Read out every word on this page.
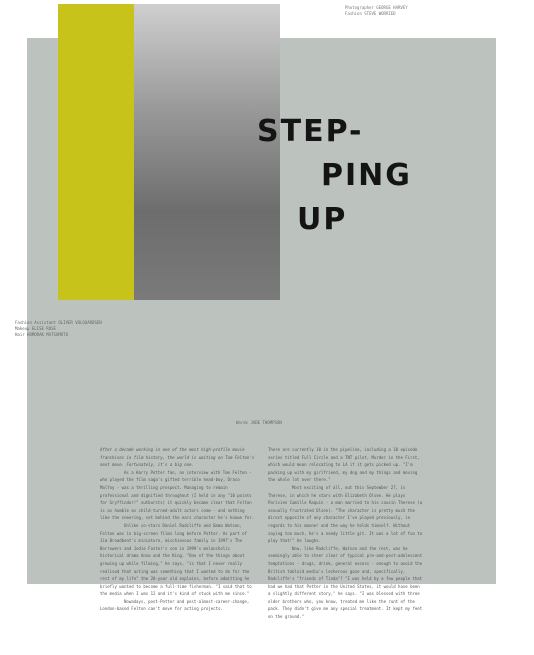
Photographer GEORGE HARVEY
Fashion STEVE WORRIED
STEP-
PING
UP
Fashion Assistant OLIVER VOLQUARDSEN
Makeup ELISE ROSE
Hair HOMORAK MATSUMOTO
Words JADE THOMPSON

After a decade working in one of the most high-profile movie franchises in film history, the world is waiting on Tom Felton's next move. Fortunately, it's a big one.

As a Harry Potter fan, an interview with Tom Felton - who played the film saga's gifted terrible head-boy, Draco Malfoy - was a thrilling prospect. Managing to remain professional and dignified throughout (I held in any "10 points for Gryffindor!" outbursts) it quickly became clear that Felton is as humble as child-turned-adult actors come - and nothing like the sneering, set behind the ears character he's known for.

Unlike co-stars Daniel Radcliffe and Emma Watson, Felton was in big-screen films long before Potter. As part of Jim Broadbent's miniature, mischievous family in 1997's The Borrowers and Jodie Foster's son in 1999's melancholic historical drama Anna and the King. "One of the things about growing up while filming," he says, "is that I never really realised that acting was something that I wanted to do for the rest of my life" the 28-year old explains, before admitting he briefly wanted to become a full-time fisherman. "I said that to the media when I was 12 and it's kind of stuck with me since."

Nowadays, post-Potter and post-almost-career-change, London-based Felton can't move for acting projects.

There are currently 10 in the pipeline, including a 10 episode series titled Full Circle and a TNT pilot, Murder in the First, which would mean relocating to LA if it gets picked up. "I'm packing up with my girlfriend, my dog and my things and moving the whole lot over there."

Most exciting of all, out this September 27, is Therese, in which he stars with Elizabeth Olsen. He plays Parisien Camille Raquin - a man married to his cousin Therese (a sexually frustrated Olsen). "The character is pretty much the direct opposite of any character I've played previously, in regards to his manner and the way he holds himself. Without saying too much, he's a needy little git. It was a lot of fun to play that!" he laughs.

Now, like Radcliffe, Watson and the rest, was he seemingly able to steer clear of typical pre-and-post-adolescent temptations - drugs, drink, general excess - enough to avoid the British tabloid media's lecherous gaze and, specifically, Radcliffe's "friends of Tinda"? "I was held by a few people that had we had that Potter in the United States, it would have been a slightly different story," he says. "I was blessed with three older brothers who, you know, treated me like the runt of the pack. They didn't give me any special treatment. It kept my feet on the ground."
